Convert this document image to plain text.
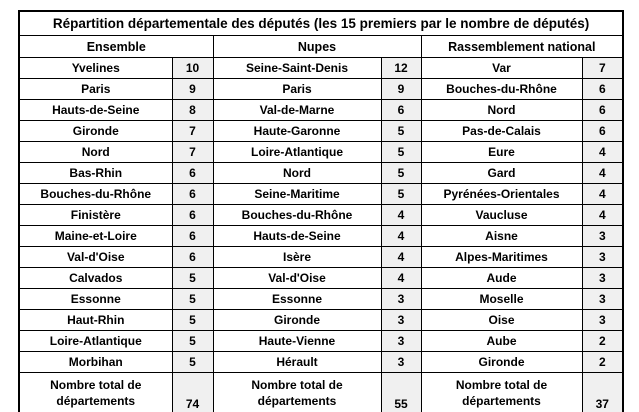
Répartition départementale des députés (les 15 premiers par le nombre de députés)					
Ensemble		Nupes		Rassemblement national	
Yvelines	10	Seine-Saint-Denis	12	Var	7
Paris	9	Paris	9	Bouches-du-Rhône	6
Hauts-de-Seine	8	Val-de-Marne	6	Nord	6
Gironde	7	Haute-Garonne	5	Pas-de-Calais	6
Nord	7	Loire-Atlantique	5	Eure	4
Bas-Rhin	6	Nord	5	Gard	4
Bouches-du-Rhône	6	Seine-Maritime	5	Pyrénées-Orientales	4
Finistère	6	Bouches-du-Rhône	4	Vaucluse	4
Maine-et-Loire	6	Hauts-de-Seine	4	Aisne	3
Val-d'Oise	6	Isère	4	Alpes-Maritimes	3
Calvados	5	Val-d'Oise	4	Aude	3
Essonne	5	Essonne	3	Moselle	3
Haut-Rhin	5	Gironde	3	Oise	3
Loire-Atlantique	5	Haute-Vienne	3	Aube	2
Morbihan	5	Hérault	3	Gironde	2
Nombre total de départements	74	Nombre total de départements	55	Nombre total de départements	37
